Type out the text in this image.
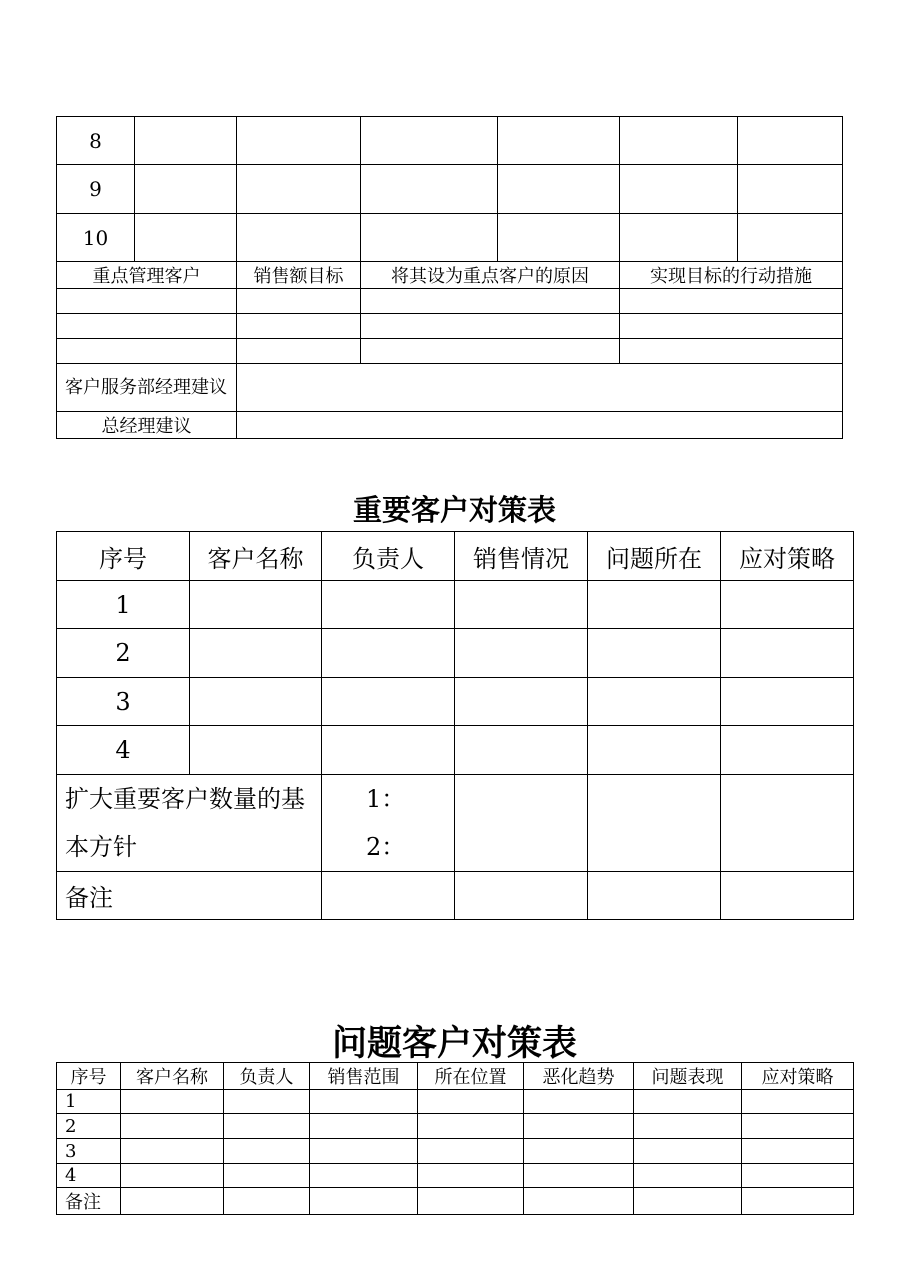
8						
9						
10						
重点管理客户		销售额目标	将其设为重点客户的原因		实现目标的行动措施	

客户服务部经理建议						
总经理建议						
重要客户对策表
序号	客户名称	负责人	销售情况	问题所在	应对策略
1					
2					
3					
4					
扩大重要客户数量的基本方针		1：
2：			

备注					
问题客户对策表
序号	客户名称	负责人	销售范围	所在位置	恶化趋势	问题表现	应对策略
1							
2							
3							
4							
备注							
